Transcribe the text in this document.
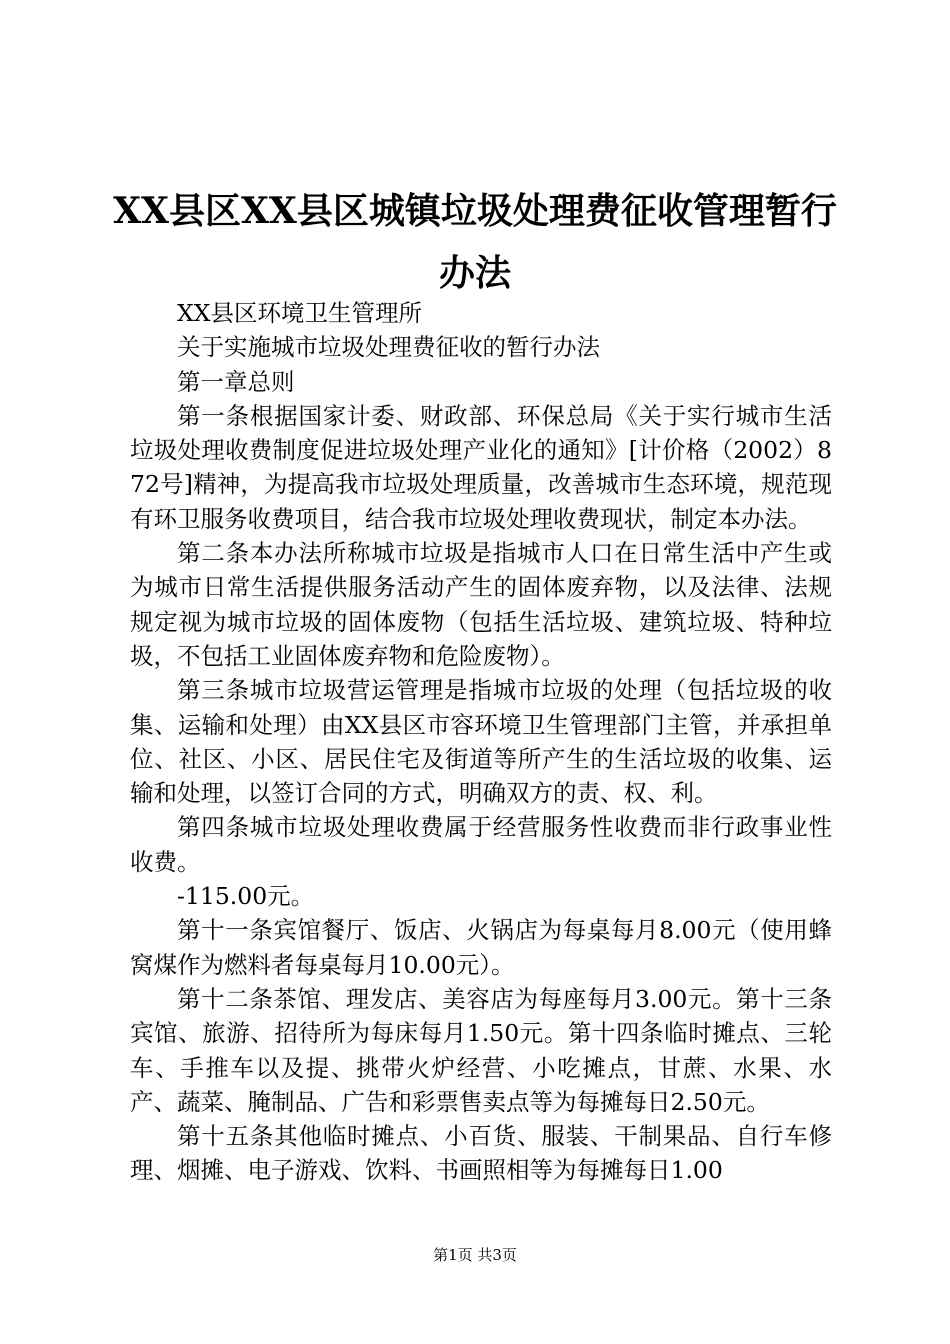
XX县区XX县区城镇垃圾处理费征收管理暂行办法

XX县区环境卫生管理所

关于实施城市垃圾处理费征收的暂行办法

第一章总则

第一条根据国家计委、财政部、环保总局《关于实行城市生活垃圾处理收费制度促进垃圾处理产业化的通知》[计价格（2002）872号]精神，为提高我市垃圾处理质量，改善城市生态环境，规范现有环卫服务收费项目，结合我市垃圾处理收费现状，制定本办法。

第二条本办法所称城市垃圾是指城市人口在日常生活中产生或为城市日常生活提供服务活动产生的固体废弃物，以及法律、法规规定视为城市垃圾的固体废物（包括生活垃圾、建筑垃圾、特种垃圾，不包括工业固体废弃物和危险废物）。

第三条城市垃圾营运管理是指城市垃圾的处理（包括垃圾的收集、运输和处理）由XX县区市容环境卫生管理部门主管，并承担单位、社区、小区、居民住宅及街道等所产生的生活垃圾的收集、运输和处理，以签订合同的方式，明确双方的责、权、利。

第四条城市垃圾处理收费属于经营服务性收费而非行政事业性收费。

-115.00元。

第十一条宾馆餐厅、饭店、火锅店为每桌每月8.00元（使用蜂窝煤作为燃料者每桌每月10.00元）。

第十二条茶馆、理发店、美容店为每座每月3.00元。第十三条宾馆、旅游、招待所为每床每月1.50元。第十四条临时摊点、三轮车、手推车以及提、挑带火炉经营、小吃摊点，甘蔗、水果、水产、蔬菜、腌制品、广告和彩票售卖点等为每摊每日2.50元。

第十五条其他临时摊点、小百货、服装、干制果品、自行车修理、烟摊、电子游戏、饮料、书画照相等为每摊每日1.00

第1页 共3页
